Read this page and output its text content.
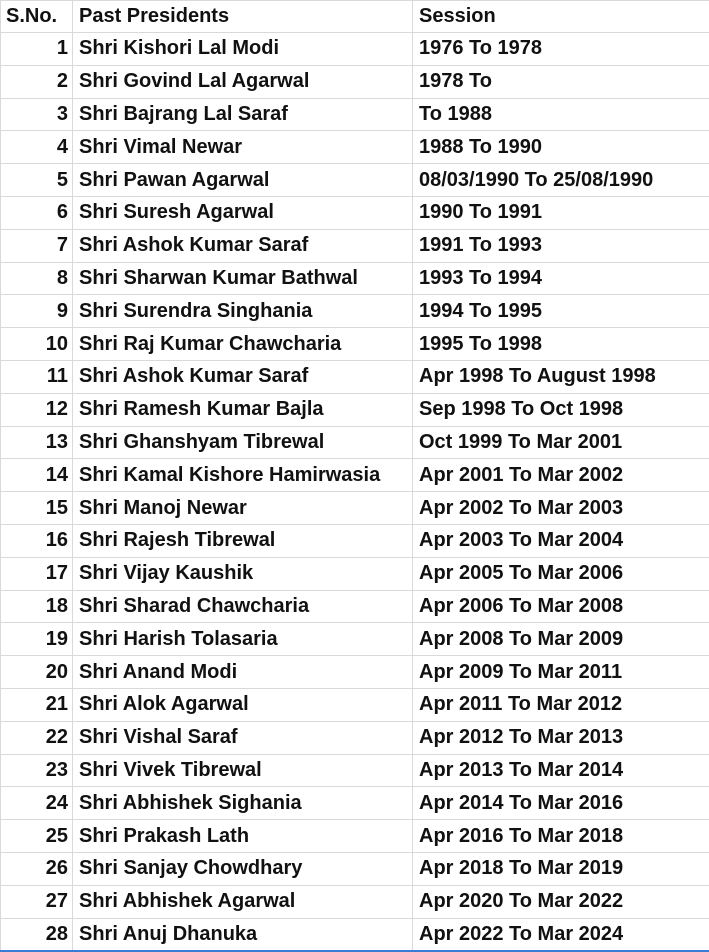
S.No.	Past Presidents	Session
1	Shri Kishori Lal Modi	1976 To 1978
2	Shri Govind Lal Agarwal	1978 To
3	Shri Bajrang Lal Saraf	To 1988
4	Shri Vimal Newar	1988 To 1990
5	Shri Pawan Agarwal	08/03/1990 To 25/08/1990
6	Shri Suresh Agarwal	1990 To 1991
7	Shri Ashok Kumar Saraf	1991 To 1993
8	Shri Sharwan Kumar Bathwal	1993 To 1994
9	Shri Surendra Singhania	1994 To 1995
10	Shri Raj Kumar Chawcharia	1995 To 1998
11	Shri Ashok Kumar Saraf	Apr 1998 To August 1998
12	Shri Ramesh Kumar Bajla	Sep 1998 To Oct 1998
13	Shri Ghanshyam Tibrewal	Oct 1999 To Mar 2001
14	Shri Kamal Kishore Hamirwasia	Apr 2001 To Mar 2002
15	Shri Manoj Newar	Apr 2002 To Mar 2003
16	Shri Rajesh Tibrewal	Apr 2003 To Mar 2004
17	Shri Vijay Kaushik	Apr 2005 To Mar 2006
18	Shri Sharad Chawcharia	Apr 2006 To Mar 2008
19	Shri Harish Tolasaria	Apr 2008 To Mar 2009
20	Shri Anand Modi	Apr 2009 To Mar 2011
21	Shri Alok Agarwal	Apr 2011 To Mar 2012
22	Shri Vishal Saraf	Apr 2012 To Mar 2013
23	Shri Vivek Tibrewal	Apr 2013 To Mar 2014
24	Shri Abhishek Sighania	Apr 2014 To Mar 2016
25	Shri Prakash Lath	Apr 2016 To Mar 2018
26	Shri Sanjay Chowdhary	Apr 2018 To Mar 2019
27	Shri Abhishek Agarwal	Apr 2020 To Mar 2022
28	Shri Anuj Dhanuka	Apr 2022 To Mar 2024
